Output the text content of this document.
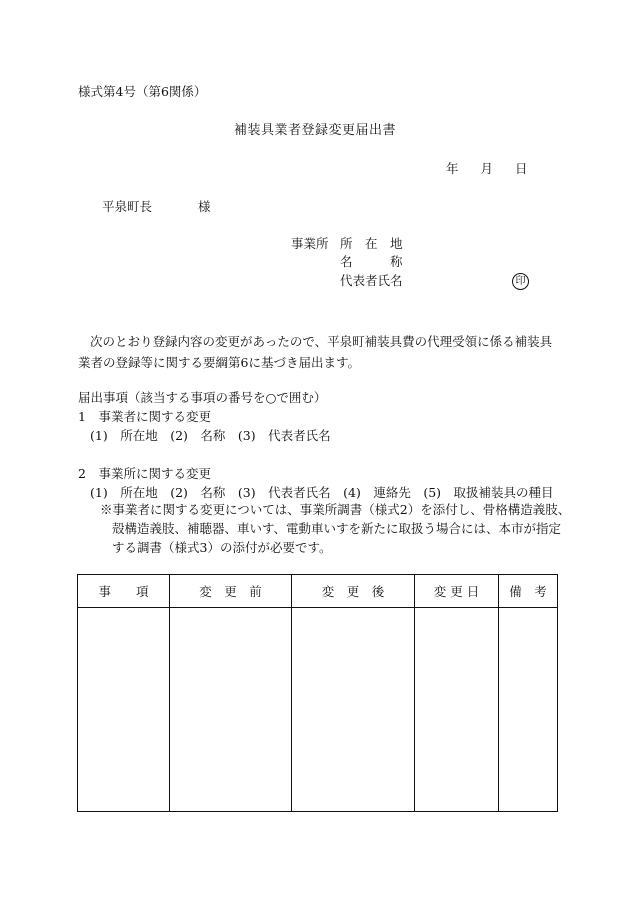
様式第4号（第6関係）
補装具業者登録変更届出書
年 月 日
平泉町長	様
事業所 所　在　地
名　　　称
代表者氏名	印
次のとおり登録内容の変更があったので、平泉町補装具費の代理受領に係る補装具業者の登録等に関する要綱第6に基づき届出ます。
届出事項（該当する事項の番号を○で囲む）
1　事業者に関する変更
(1)　所在地　(2)　名称　(3)　代表者氏名
2　事業所に関する変更
(1)　所在地　(2)　名称　(3)　代表者氏名　(4)　連絡先　(5)　取扱補装具の種目
※事業者に関する変更については、事業所調書（様式2）を添付し、骨格構造義肢、殻構造義肢、補聴器、車いす、電動車いすを新たに取扱う場合には、本市が指定する調書（様式3）の添付が必要です。
事　　項	変　更　前	変　更　後	変 更 日	備　考
